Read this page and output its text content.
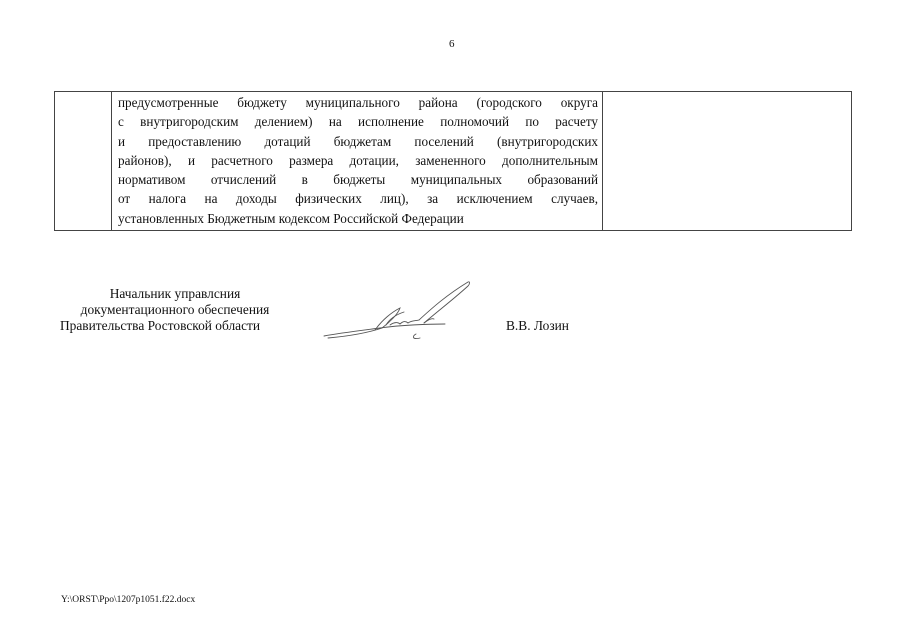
6

предусмотренные бюджету муниципального района (городского округа
с внутригородским делением) на исполнение полномочий по расчету
и предоставлению дотаций бюджетам поселений (внутригородских
районов), и расчетного размера дотации, замененного дополнительным
нормативом отчислений в бюджеты муниципальных образований
от налога на доходы физических лиц), за исключением случаев,
установленных Бюджетным кодексом Российской Федерации

Начальник управлсния
документационного обеспечения
Правительства Ростовской области	В.В. Лозин
Y:\ORST\Ppo\1207p1051.f22.docx
